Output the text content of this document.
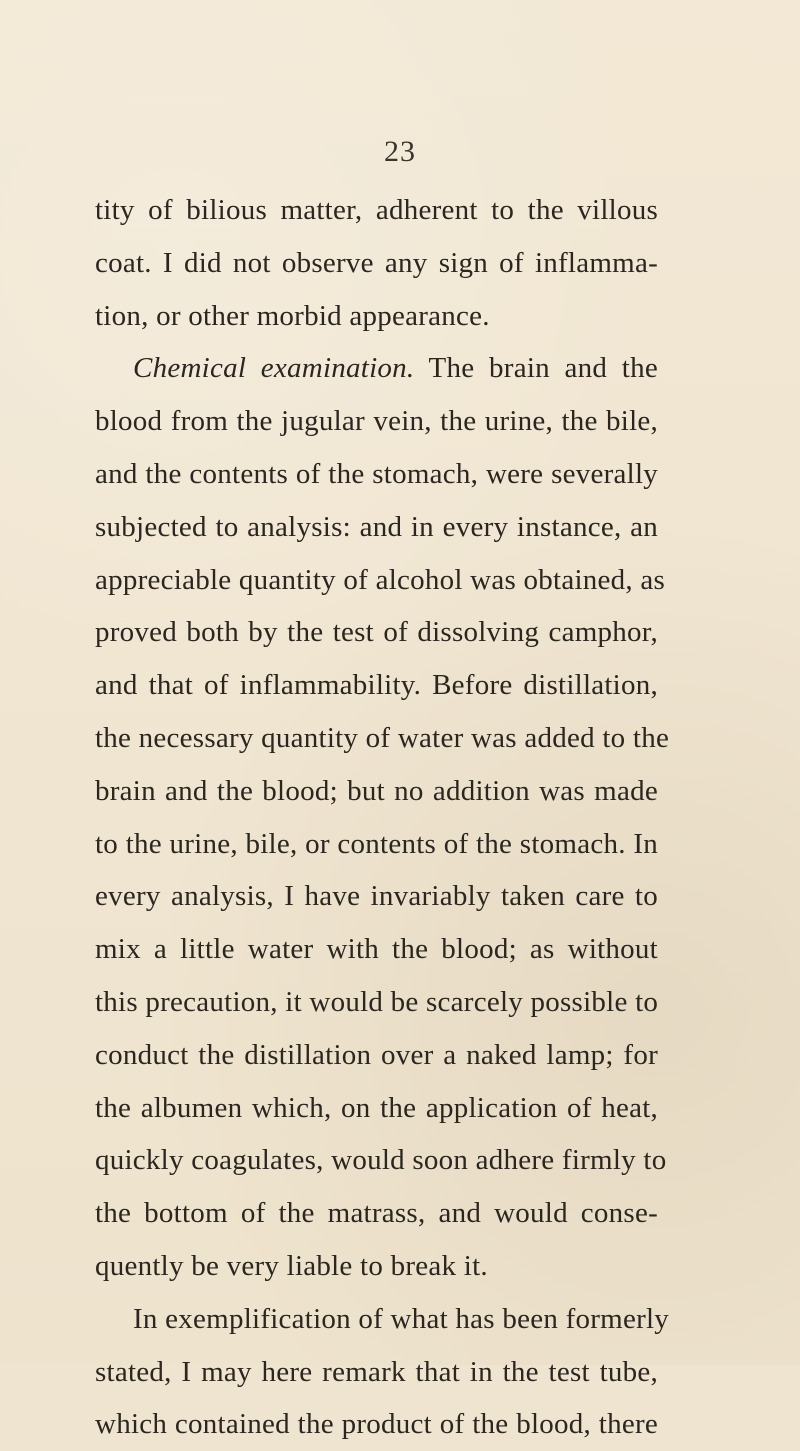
23
tity of bilious matter, adherent to the villous
coat. I did not observe any sign of inflamma-
tion, or other morbid appearance.
Chemical examination. The brain and the
blood from the jugular vein, the urine, the bile,
and the contents of the stomach, were severally
subjected to analysis: and in every instance, an
appreciable quantity of alcohol was obtained, as
proved both by the test of dissolving camphor,
and that of inflammability. Before distillation,
the necessary quantity of water was added to the
brain and the blood; but no addition was made
to the urine, bile, or contents of the stomach. In
every analysis, I have invariably taken care to
mix a little water with the blood; as without
this precaution, it would be scarcely possible to
conduct the distillation over a naked lamp; for
the albumen which, on the application of heat,
quickly coagulates, would soon adhere firmly to
the bottom of the matrass, and would conse-
quently be very liable to break it.
In exemplification of what has been formerly
stated, I may here remark that in the test tube,
which contained the product of the blood, there
